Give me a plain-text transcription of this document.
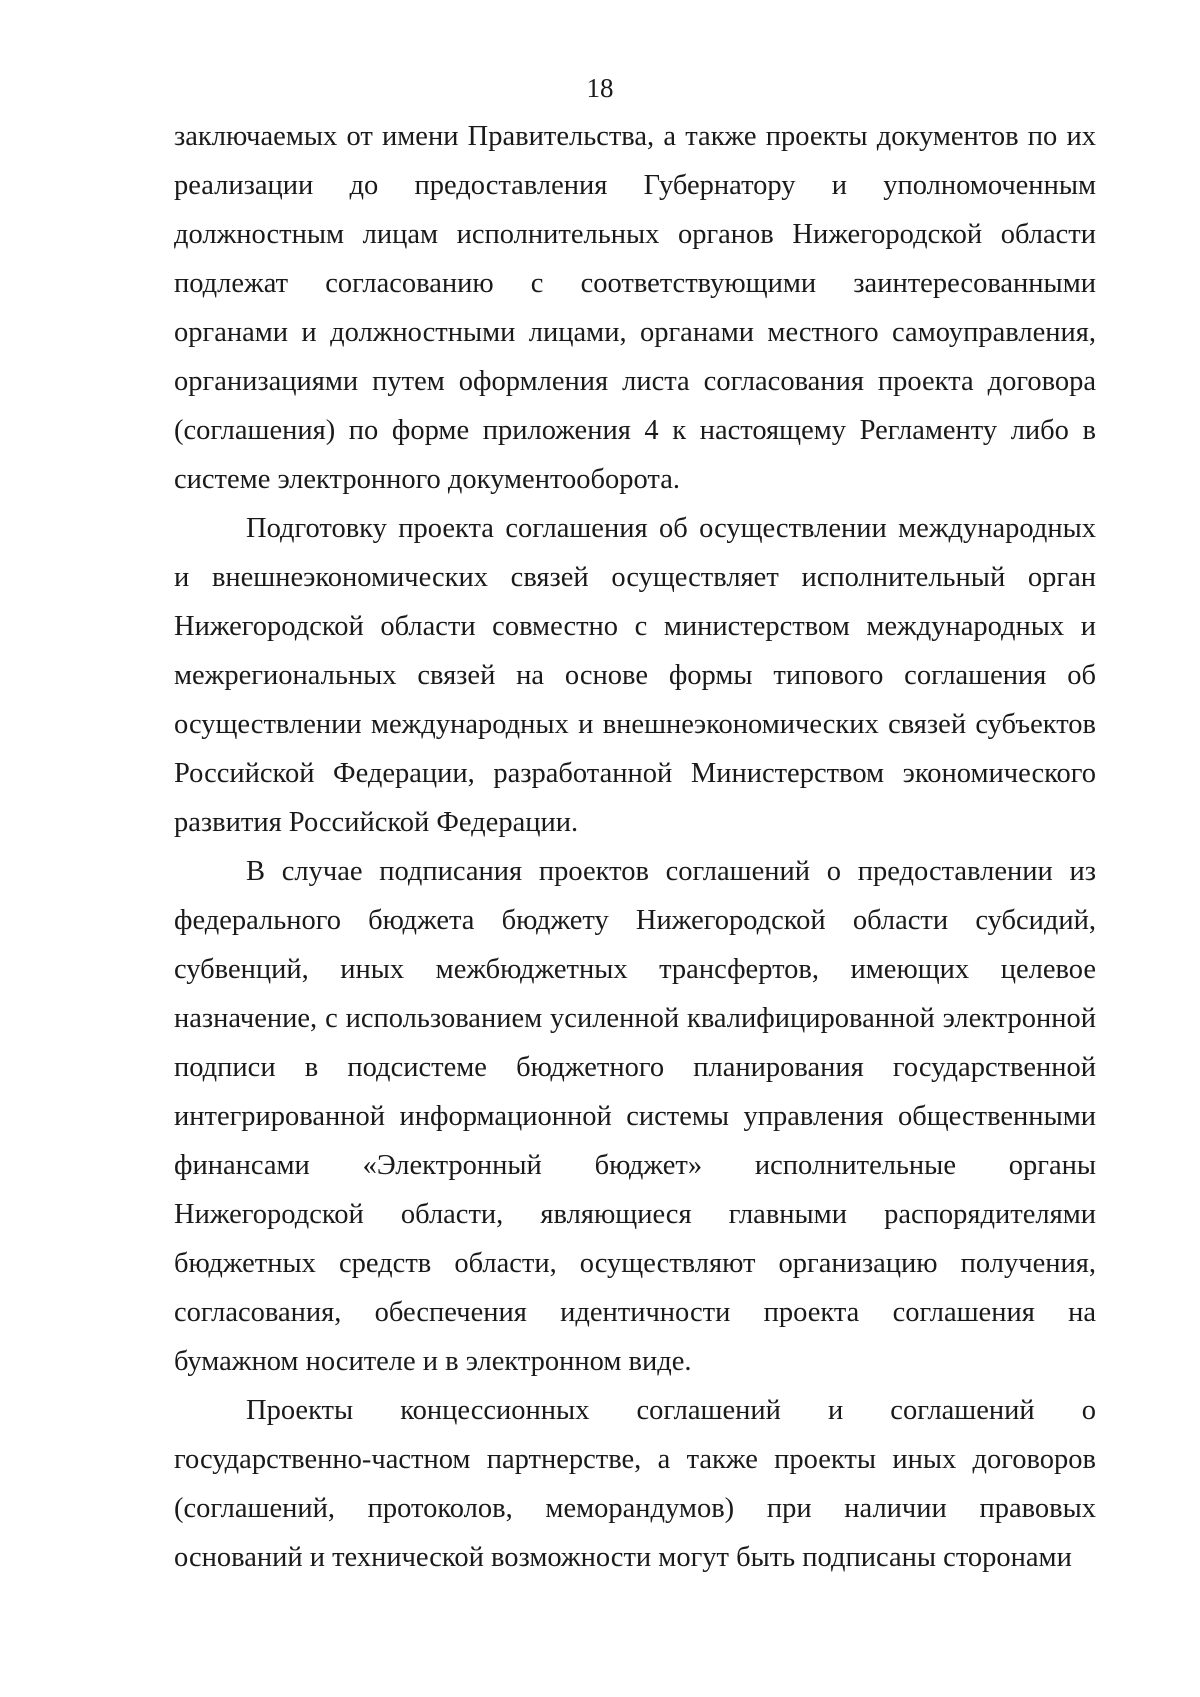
18
заключаемых от имени Правительства, а также проекты документов по их
реализации до предоставления Губернатору и уполномоченным
должностным лицам исполнительных органов Нижегородской области
подлежат согласованию с соответствующими заинтересованными
органами и должностными лицами, органами местного самоуправления,
организациями путем оформления листа согласования проекта договора
(соглашения) по форме приложения 4 к настоящему Регламенту либо в
системе электронного документооборота.
Подготовку проекта соглашения об осуществлении международных
и внешнеэкономических связей осуществляет исполнительный орган
Нижегородской области совместно с министерством международных и
межрегиональных связей на основе формы типового соглашения об
осуществлении международных и внешнеэкономических связей субъектов
Российской Федерации, разработанной Министерством экономического
развития Российской Федерации.
В случае подписания проектов соглашений о предоставлении из
федерального бюджета бюджету Нижегородской области субсидий,
субвенций, иных межбюджетных трансфертов, имеющих целевое
назначение, с использованием усиленной квалифицированной электронной
подписи в подсистеме бюджетного планирования государственной
интегрированной информационной системы управления общественными
финансами «Электронный бюджет» исполнительные органы
Нижегородской области, являющиеся главными распорядителями
бюджетных средств области, осуществляют организацию получения,
согласования, обеспечения идентичности проекта соглашения на
бумажном носителе и в электронном виде.
Проекты концессионных соглашений и соглашений о
государственно-частном партнерстве, а также проекты иных договоров
(соглашений, протоколов, меморандумов) при наличии правовых
оснований и технической возможности могут быть подписаны сторонами
